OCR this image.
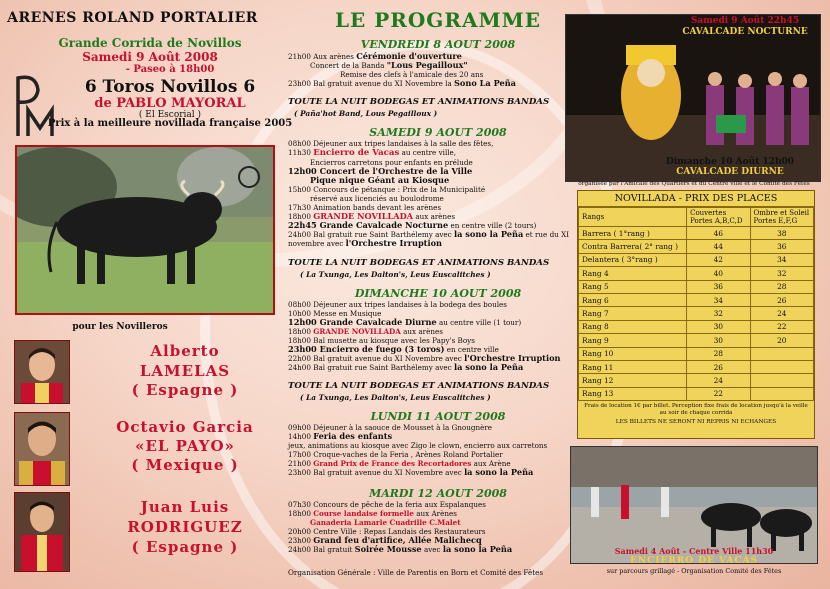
ARENES ROLAND PORTALIER
Grande Corrida de Novillos
Samedi 9 Août 2008
- Paseo à 18h00
6 Toros Novillos 6
de PABLO MAYORAL
( El Escorial )
Prix à la meilleure novillada française 2005
pour les Novilleros
Alberto
LAMELAS
( Espagne )
Octavio Garcia
«EL PAYO»
( Mexique )
Juan Luis
RODRIGUEZ
( Espagne )
LE PROGRAMME
VENDREDI 8 AOUT 2008
21h00 Aux arènes Cérémonie d'ouverture
Concert de la Banda "Lous Pegailloux"
Remise des clefs à l'amicale des 20 ans
23h00 Bal gratuit avenue du XI Novembre la Sono La Peña
TOUTE LA NUIT BODEGAS ET ANIMATIONS BANDAS
( Paña'hot Band, Lous Pegailloux )
SAMEDI 9 AOUT 2008
08h00 Déjeuner aux tripes landaises à la salle des fêtes,
11h30 Encierro de Vacas au centre ville,
Encierros carretons pour enfants en prélude
12h00 Concert de l'Orchestre de la Ville
Pique nique Géant au Kiosque
15h00 Concours de pétanque : Prix de la Municipalité
réservé aux licenciés au boulodrome
17h30 Animation bands devant les arènes
18h00 GRANDE NOVILLADA aux arènes
22h45 Grande Cavalcade Nocturne en centre ville (2 tours)
24h00 Bal gratuit rue Saint Barthélemy avec la sono la Peña et rue du XI
novembre avec l'Orchestre Irruption
TOUTE LA NUIT BODEGAS ET ANIMATIONS BANDAS
( La Txunga, Les Dalton's, Leus Euscalitches )
DIMANCHE 10 AOUT 2008
08h00 Déjeuner aux tripes landaises à la bodega des boules
10h00 Messe en Musique
12h00 Grande Cavalcade Diurne au centre ville (1 tour)
18h00 GRANDE NOVILLADA aux arènes
18h00 Bal musette au kiosque avec les Papy's Boys
23h00 Encierro de fuego (3 toros) en centre ville
22h00 Bal gratuit avenue du XI Novembre avec l'Orchestre Irruption
24h00 Bal gratuit rue Saint Barthélemy avec la sono la Peña
TOUTE LA NUIT BODEGAS ET ANIMATIONS BANDAS
( La Txunga, Les Dalton's, Leus Euscalitches )
LUNDI 11 AOUT 2008
09h00 Déjeuner à la saouce de Mousset à la Gnougnère
14h00 Feria des enfants
jeux, animations au kiosque avec Zigo le clown, encierro aux carretons
17h00 Croque-vaches de la Feria , Arènes Roland Portalier
21h00 Grand Prix de France des Recortadores aux Arène
23h00 Bal gratuit avenue du XI Novembre avec la sono la Peña
MARDI 12 AOUT 2008
07h30 Concours de pêche de la feria aux Espalanques
18h00 Course landaise formelle aux Arènes
Ganaderia Lamarle Cuadrille C.Malet
20h00 Centre Ville : Repas Landais des Restaurateurs
23h00 Grand feu d'artifice, Allée Malichecq
24h00 Bal gratuit Soirée Mousse avec la sono la Peña
Organisation Générale : Ville de Parentis en Born et Comité des Fêtes
Samedi 9 Août 22h45
CAVALCADE NOCTURNE
Dimanche 10 Août 12h00
CAVALCADE DIURNE
organisée par l'Amicale des Quartiers et du Centre ville et le Comité des Fêtes
NOVILLADA - PRIX DES PLACES
Rangs	Couvertes Portes A,B,C,D	Ombre et Soleil Portes E,F,G
Barrera ( 1°rang )	46	38
Contra Barrera( 2° rang )	44	36
Delantera ( 3°rang )	42	34
Rang 4	40	32
Rang 5	36	28
Rang 6	34	26
Rang 7	32	24
Rang 8	30	22
Rang 9	30	20
Rang 10	28	
Rang 11	26	
Rang 12	24	
Rang 13	22	
Frais de location 1€ par billet. Perception fixe frais de location jusqu'à la veille au soir de chaque corrida
LES BILLETS NE SERONT NI REPRIS NI ECHANGES
Samedi 4 Août - Centre Ville 11h30
ENCIERRO DE VACAS
sur parcours grillagé - Organisation Comité des Fêtes
